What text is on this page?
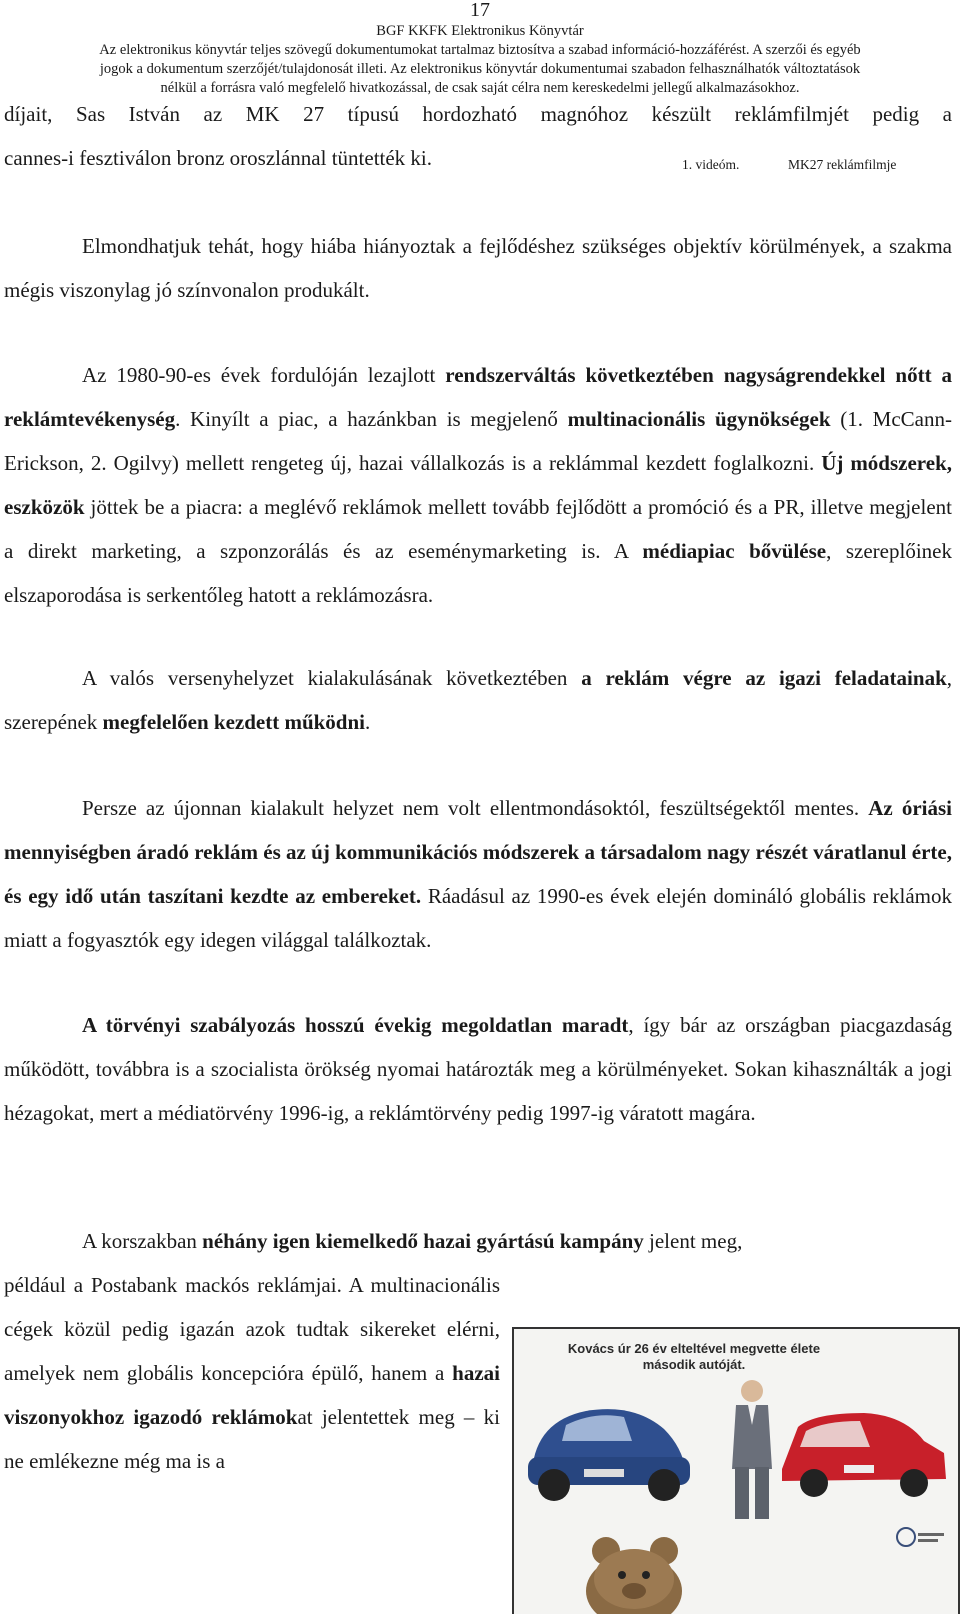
17
BGF KKFK Elektronikus Könyvtár
Az elektronikus könyvtár teljes szövegű dokumentumokat tartalmaz biztosítva a szabad információ-hozzáférést. A szerzői és egyéb
jogok a dokumentum szerzőjét/tulajdonosát illeti. Az elektronikus könyvtár dokumentumai szabadon felhasználhatók változtatások
nélkül a forrásra való megfelelő hivatkozással, de csak saját célra nem kereskedelmi jellegű alkalmazásokhoz.
díjait, Sas István az MK 27 típusú hordozható magnóhoz készült reklámfilmjét pedig a
cannes-i fesztiválon bronz oroszlánnal tüntették ki.	1. videóm.	MK27 reklámfilmje
Elmondhatjuk tehát, hogy hiába hiányoztak a fejlődéshez szükséges objektív körülmények, a szakma mégis viszonylag jó színvonalon produkált.
Az 1980-90-es évek fordulóján lezajlott rendszerváltás következtében nagyságrendekkel nőtt a reklámtevékenység. Kinyílt a piac, a hazánkban is megjelenő multinacionális ügynökségek (1. McCann-Erickson, 2. Ogilvy) mellett rengeteg új, hazai vállalkozás is a reklámmal kezdett foglalkozni. Új módszerek, eszközök jöttek be a piacra: a meglévő reklámok mellett tovább fejlődött a promóció és a PR, illetve megjelent a direkt marketing, a szponzorálás és az eseménymarketing is. A médiapiac bővülése, szereplőinek elszaporodása is serkentőleg hatott a reklámozásra.
A valós versenyhelyzet kialakulásának következtében a reklám végre az igazi feladatainak, szerepének megfelelően kezdett működni.
Persze az újonnan kialakult helyzet nem volt ellentmondásoktól, feszültségektől mentes. Az óriási mennyiségben áradó reklám és az új kommunikációs módszerek a társadalom nagy részét váratlanul érte, és egy idő után taszítani kezdte az embereket. Ráadásul az 1990-es évek elején domináló globális reklámok miatt a fogyasztók egy idegen világgal találkoztak.
A törvényi szabályozás hosszú évekig megoldatlan maradt, így bár az országban piacgazdaság működött, továbbra is a szocialista örökség nyomai határozták meg a körülményeket. Sokan kihasználták a jogi hézagokat, mert a médiatörvény 1996-ig, a reklámtörvény pedig 1997-ig váratott magára.
A korszakban néhány igen kiemelkedő hazai gyártású kampány jelent meg,
például a Postabank mackós reklámjai. A multinacionális cégek közül pedig igazán azok tudtak sikereket elérni, amelyek nem globális koncepcióra épülő, hanem a hazai viszonyokhoz igazodó reklámokat jelentettek meg – ki ne emlékezne még ma is a
Kovács úr 26 év elteltével megvette élete
második autóját.
